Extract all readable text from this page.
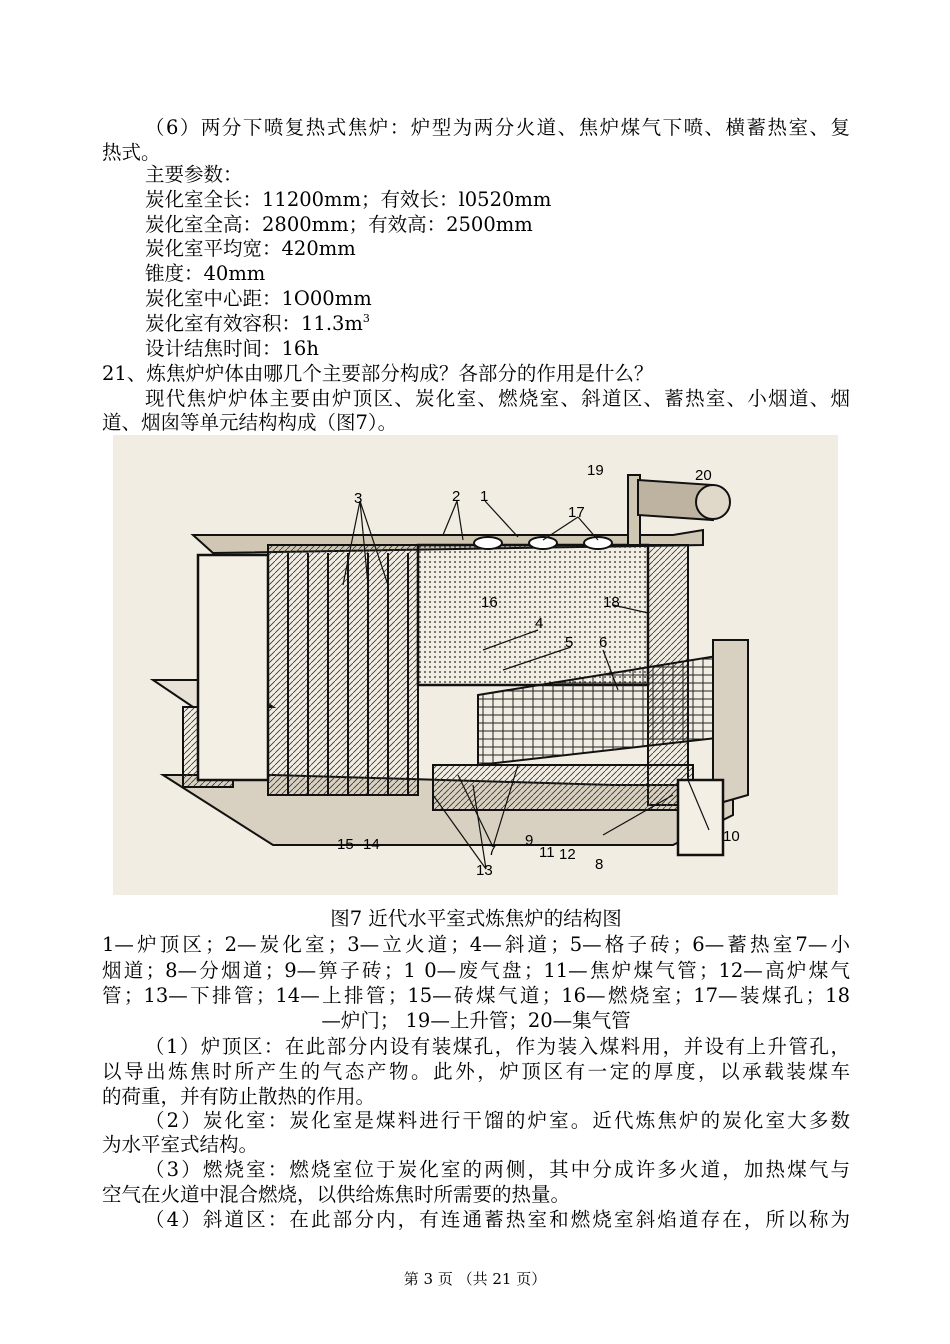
（6）两分下喷复热式焦炉：炉型为两分火道、焦炉煤气下喷、横蓄热室、复
热式。
主要参数：
炭化室全长：11200mm；有效长：l0520mm
炭化室全高：2800mm；有效高：2500mm
炭化室平均宽：420mm
锥度：40mm
炭化室中心距：1O00mm
炭化室有效容积：$11.3m^3$
设计结焦时间：16h
21、炼焦炉炉体由哪几个主要部分构成？各部分的作用是什么？
现代焦炉炉体主要由炉顶区、炭化室、燃烧室、斜道区、蓄热室、小烟道、烟
道、烟囱等单元结构构成（图7）。
3	2 1
17
19	20
16	18
4
5 6
7
9
11 12
8
10
13
14
15
图7 近代水平室式炼焦炉的结构图
1—炉顶区；2—炭化室；3—立火道；4—斜道；5—格子砖；6—蓄热室7—小
烟道；8—分烟道；9—箅子砖；1 0—废气盘；11—焦炉煤气管；12—高炉煤气
管；13—下排管；14—上排管；15—砖煤气道；16—燃烧室；17—装煤孔；18
—炉门； 19—上升管；20—集气管
（1）炉顶区：在此部分内设有装煤孔，作为装入煤料用，并设有上升管孔，
以导出炼焦时所产生的气态产物。此外，炉顶区有一定的厚度，以承载装煤车
的荷重，并有防止散热的作用。
（2）炭化室：炭化室是煤料进行干馏的炉室。近代炼焦炉的炭化室大多数
为水平室式结构。
（3）燃烧室：燃烧室位于炭化室的两侧，其中分成许多火道，加热煤气与
空气在火道中混合燃烧，以供给炼焦时所需要的热量。
（4）斜道区：在此部分内，有连通蓄热室和燃烧室斜焰道存在，所以称为
第 3 页 （共 21 页）
